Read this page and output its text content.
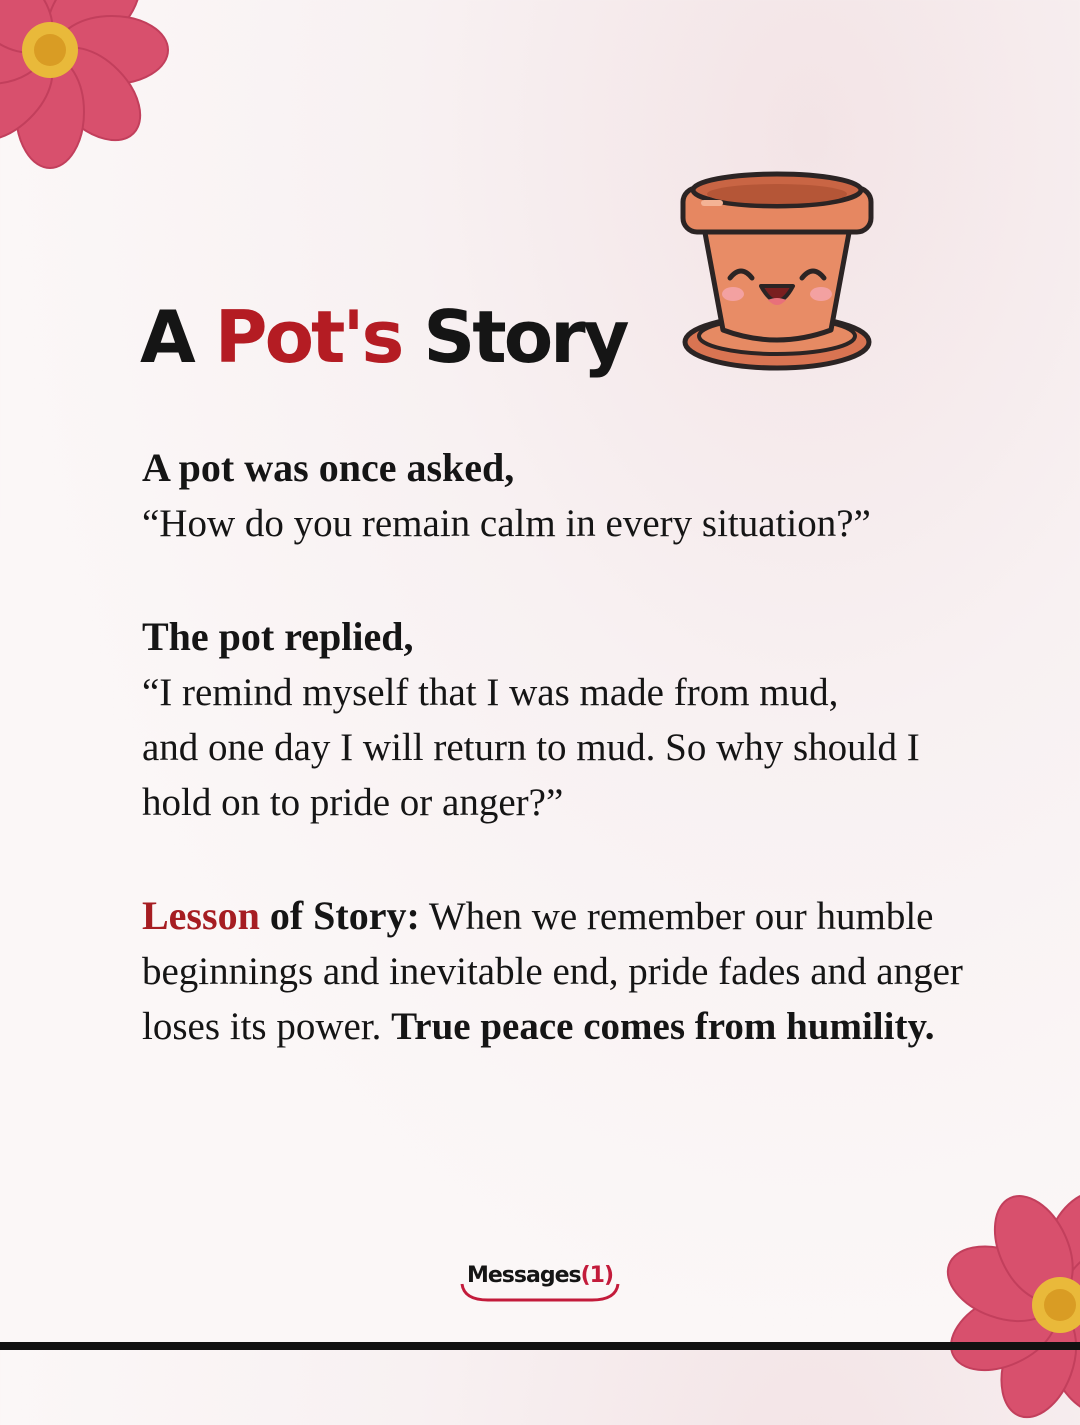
A Pot's Story

A pot was once asked,
“How do you remain calm in every situation?”

The pot replied,
“I remind myself that I was made from mud,
and one day I will return to mud. So why should I
hold on to pride or anger?”

Lesson of Story: When we remember our humble beginnings and inevitable end, pride fades and anger loses its power. True peace comes from humility.

Messages(1)
